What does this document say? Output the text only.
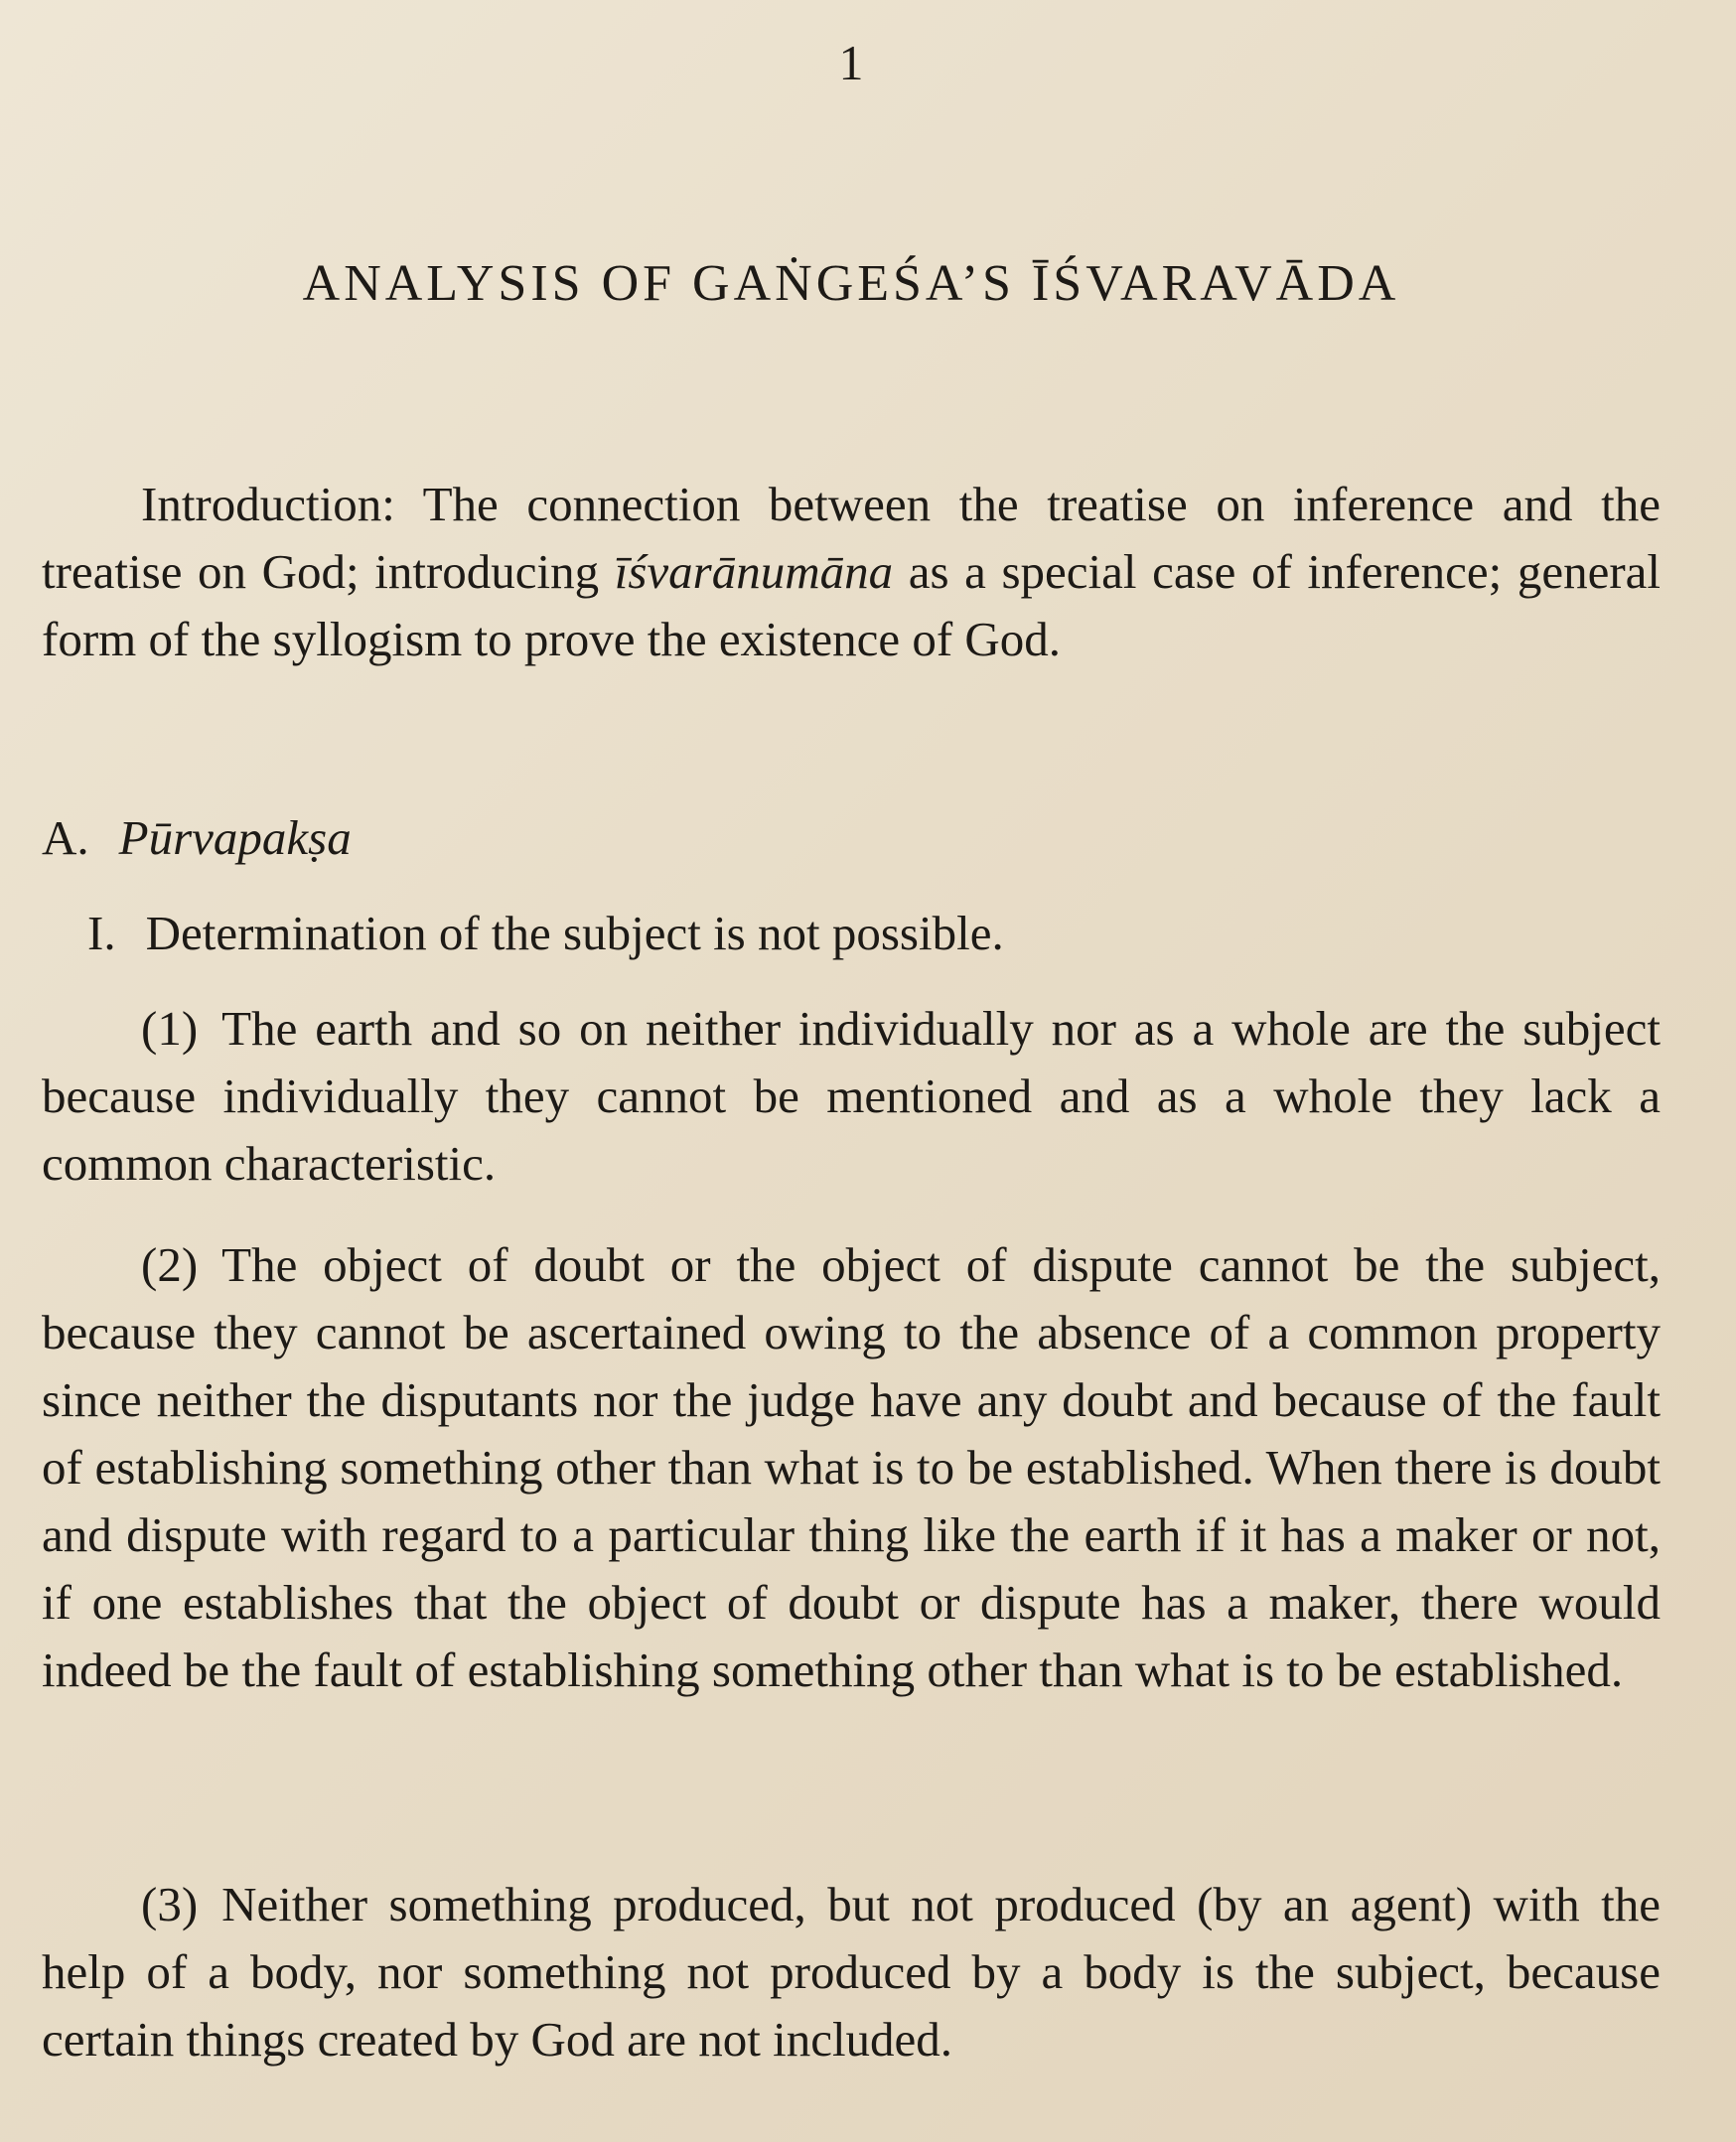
1
ANALYSIS OF GAṄGEŚA’S ĪŚVARAVĀDA

Introduction: The connection between the treatise on inference and the treatise on God; introducing īśvarānumāna as a special case of inference; general form of the syllogism to prove the existence of God.

A. Pūrvapakṣa

I. Determination of the subject is not possible.

(1) The earth and so on neither individually nor as a whole are the subject because individually they cannot be mentioned and as a whole they lack a common characteristic.

(2) The object of doubt or the object of dispute cannot be the subject, because they cannot be ascertained owing to the absence of a common property since neither the disputants nor the judge have any doubt and because of the fault of establishing something other than what is to be established. When there is doubt and dispute with regard to a particular thing like the earth if it has a maker or not, if one establishes that the object of doubt or dispute has a maker, there would indeed be the fault of establishing something other than what is to be established.

(3) Neither something produced, but not produced (by an agent) with the help of a body, nor something not produced by a body is the subject, because certain things created by God are not included.
